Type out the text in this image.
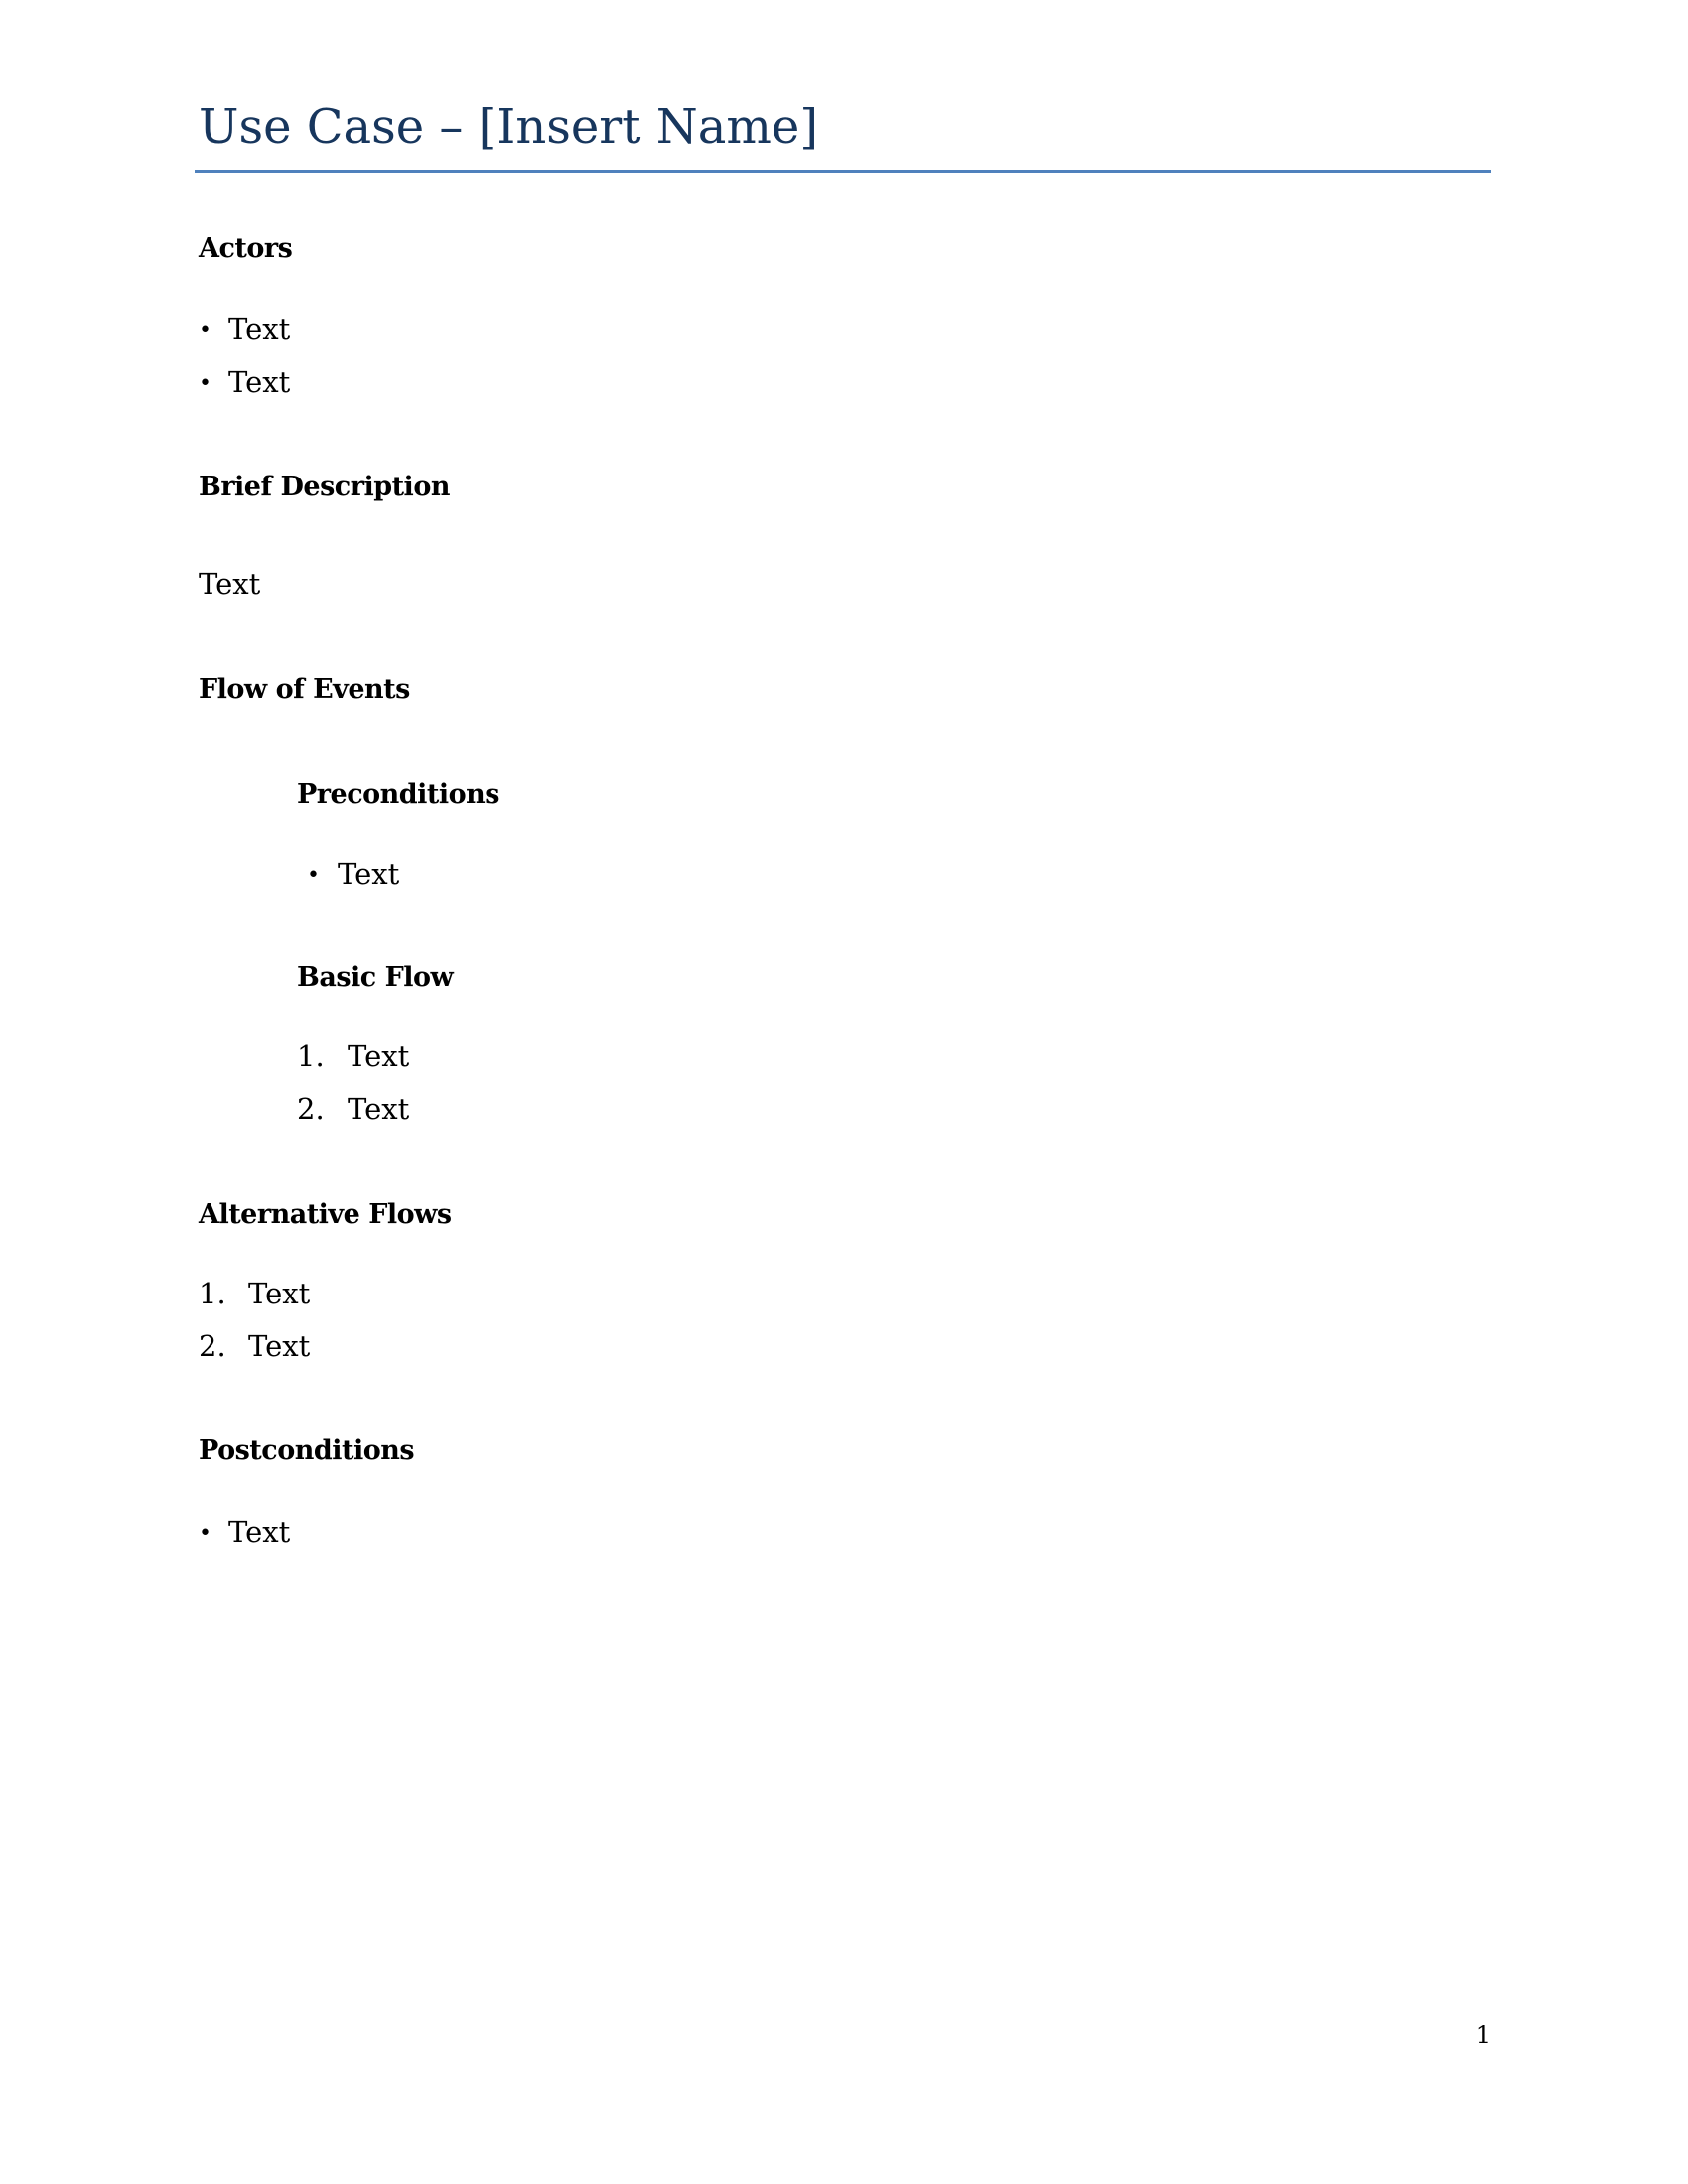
Use Case – [Insert Name]
Actors
• Text
• Text
Brief Description
Text
Flow of Events
Preconditions
• Text
Basic Flow
1. Text
2. Text
Alternative Flows
1. Text
2. Text
Postconditions
• Text
1
